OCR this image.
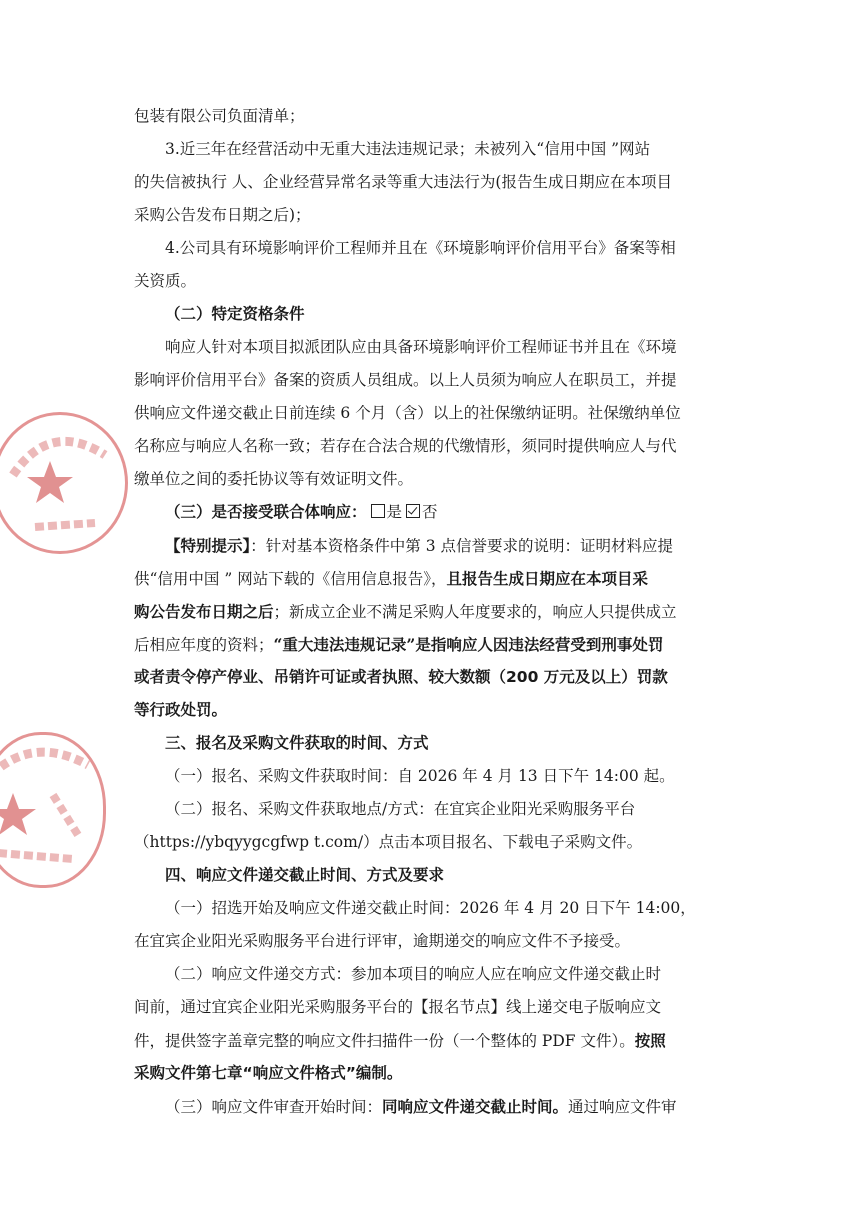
包装有限公司负面清单；
3.近三年在经营活动中无重大违法违规记录；未被列入“信用中国 ”网站
的失信被执行 人、企业经营异常名录等重大违法行为(报告生成日期应在本项目
采购公告发布日期之后)；
4.公司具有环境影响评价工程师并且在《环境影响评价信用平台》备案等相
关资质。
（二）特定资格条件
响应人针对本项目拟派团队应由具备环境影响评价工程师证书并且在《环境
影响评价信用平台》备案的资质人员组成。以上人员须为响应人在职员工，并提
供响应文件递交截止日前连续 6 个月（含）以上的社保缴纳证明。社保缴纳单位
名称应与响应人名称一致；若存在合法合规的代缴情形，须同时提供响应人与代
缴单位之间的委托协议等有效证明文件。
（三）是否接受联合体响应： 是 否
【特别提示】：针对基本资格条件中第 3 点信誉要求的说明：证明材料应提
供“信用中国 ” 网站下载的《信用信息报告》，且报告生成日期应在本项目采
购公告发布日期之后；新成立企业不满足采购人年度要求的，响应人只提供成立
后相应年度的资料；“重大违法违规记录”是指响应人因违法经营受到刑事处罚
或者责令停产停业、吊销许可证或者执照、较大数额（200 万元及以上）罚款
等行政处罚。
三、报名及采购文件获取的时间、方式
（一）报名、采购文件获取时间：自 2026 年 4 月 13 日下午 14:00 起。
（二）报名、采购文件获取地点/方式：在宜宾企业阳光采购服务平台
（https://ybqyygcgfwp t.com/）点击本项目报名、下载电子采购文件。
四、响应文件递交截止时间、方式及要求
（一）招选开始及响应文件递交截止时间：2026 年 4 月 20 日下午 14:00，
在宜宾企业阳光采购服务平台进行评审，逾期递交的响应文件不予接受。
（二）响应文件递交方式：参加本项目的响应人应在响应文件递交截止时
间前，通过宜宾企业阳光采购服务平台的【报名节点】线上递交电子版响应文
件，提供签字盖章完整的响应文件扫描件一份（一个整体的 PDF 文件）。按照
采购文件第七章“响应文件格式”编制。
（三）响应文件审查开始时间：同响应文件递交截止时间。通过响应文件审
